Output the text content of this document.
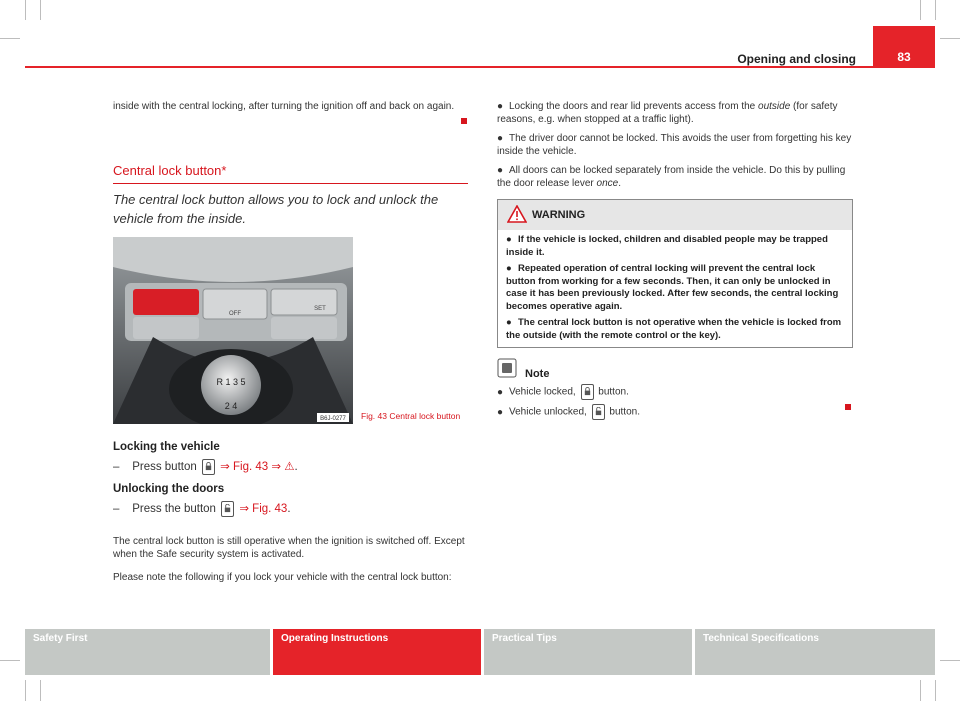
Opening and closing	83

inside with the central locking, after turning the ignition off and back on again.

Central lock button*

The central lock button allows you to lock and unlock the vehicle from the inside.

OFF
SET
R 1 3 5
2 4
B6J-0277 Fig. 43 Central lock button

Locking the vehicle

–    Press button ⇒ Fig. 43 ⇒ ⚠.

Unlocking the doors

–    Press the button ⇒ Fig. 43.

The central lock button is still operative when the ignition is switched off. Except when the Safe security system is activated.

Please note the following if you lock your vehicle with the central lock button:

● Locking the doors and rear lid prevents access from the outside (for safety reasons, e.g. when stopped at a traffic light).

● The driver door cannot be locked. This avoids the user from forgetting his key inside the vehicle.

● All doors can be locked separately from inside the vehicle. Do this by pulling the door release lever once.

WARNING

● If the vehicle is locked, children and disabled people may be trapped inside it.

● Repeated operation of central locking will prevent the central lock button from working for a few seconds. Then, it can only be unlocked in case it has been previously locked. After few seconds, the central locking becomes operative again.

● The central lock button is not operative when the vehicle is locked from the outside (with the remote control or the key).

Note

● Vehicle locked, button.

● Vehicle unlocked, button.

Safety First	Operating Instructions	Practical Tips	Technical Specifications
